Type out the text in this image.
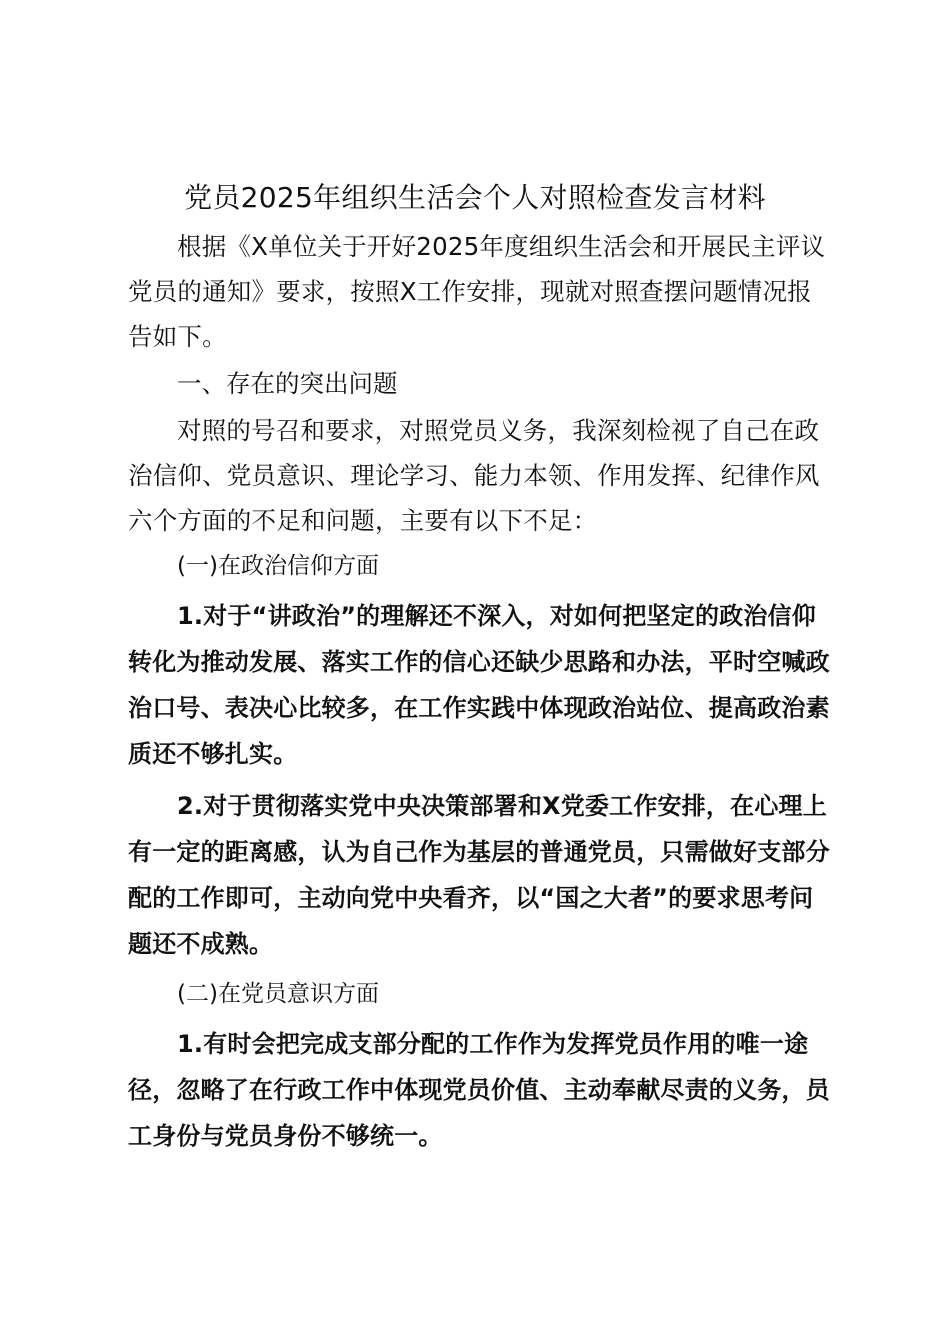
党员2025年组织生活会个人对照检查发言材料

根据《X单位关于开好2025年度组织生活会和开展民主评议党员的通知》要求，按照X工作安排，现就对照查摆问题情况报告如下。

一、存在的突出问题

对照的号召和要求，对照党员义务，我深刻检视了自己在政治信仰、党员意识、理论学习、能力本领、作用发挥、纪律作风六个方面的不足和问题，主要有以下不足：

(一)在政治信仰方面

1.对于“讲政治”的理解还不深入，对如何把坚定的政治信仰转化为推动发展、落实工作的信心还缺少思路和办法，平时空喊政治口号、表决心比较多，在工作实践中体现政治站位、提高政治素质还不够扎实。

2.对于贯彻落实党中央决策部署和X党委工作安排，在心理上有一定的距离感，认为自己作为基层的普通党员，只需做好支部分配的工作即可，主动向党中央看齐，以“国之大者”的要求思考问题还不成熟。

(二)在党员意识方面

1.有时会把完成支部分配的工作作为发挥党员作用的唯一途径，忽略了在行政工作中体现党员价值、主动奉献尽责的义务，员工身份与党员身份不够统一。
